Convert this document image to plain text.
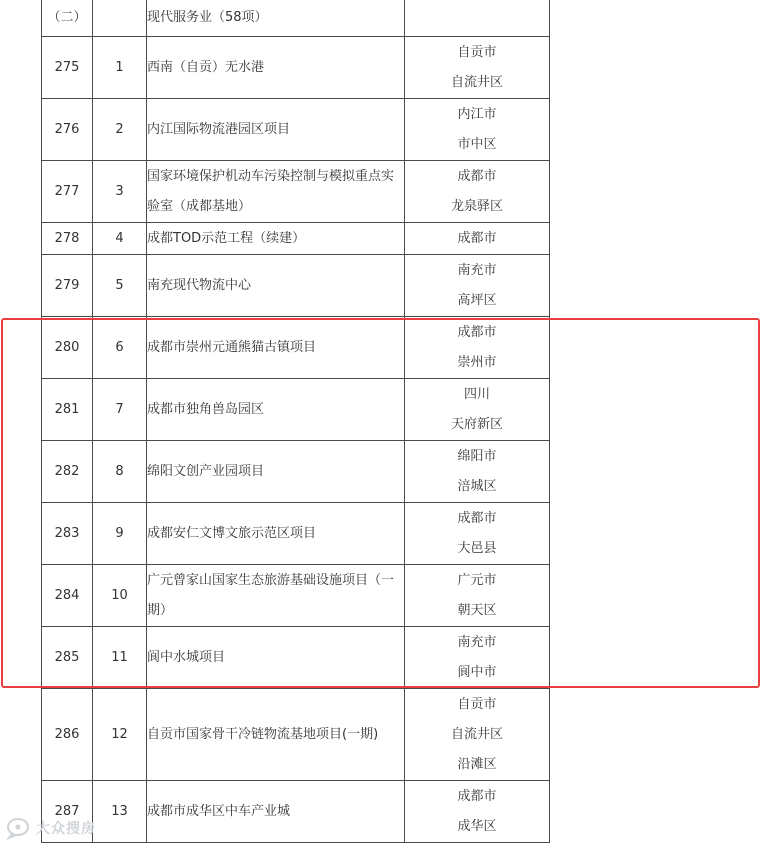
（二）		现代服务业（58项）	

275	1	西南（自贡）无水港	自贡市
自流井区

276	2	内江国际物流港园区项目	内江市
市中区

277	3	国家环境保护机动车污染控制与模拟重点实
验室（成都基地）	成都市
龙泉驿区

278	4	成都TOD示范工程（续建）	成都市

279	5	南充现代物流中心	南充市
高坪区

280	6	成都市崇州元通熊猫古镇项目	成都市
崇州市

281	7	成都市独角兽岛园区	四川
天府新区

282	8	绵阳文创产业园项目	绵阳市
涪城区

283	9	成都安仁文博文旅示范区项目	成都市
大邑县

284	10	广元曾家山国家生态旅游基础设施项目（一
期）	广元市
朝天区

285	11	阆中水城项目	南充市
阆中市

286	12	自贡市国家骨干冷链物流基地项目(一期)	自贡市
自流井区
沿滩区

287	13	成都市成华区中车产业城	成都市
成华区
大众搜房
